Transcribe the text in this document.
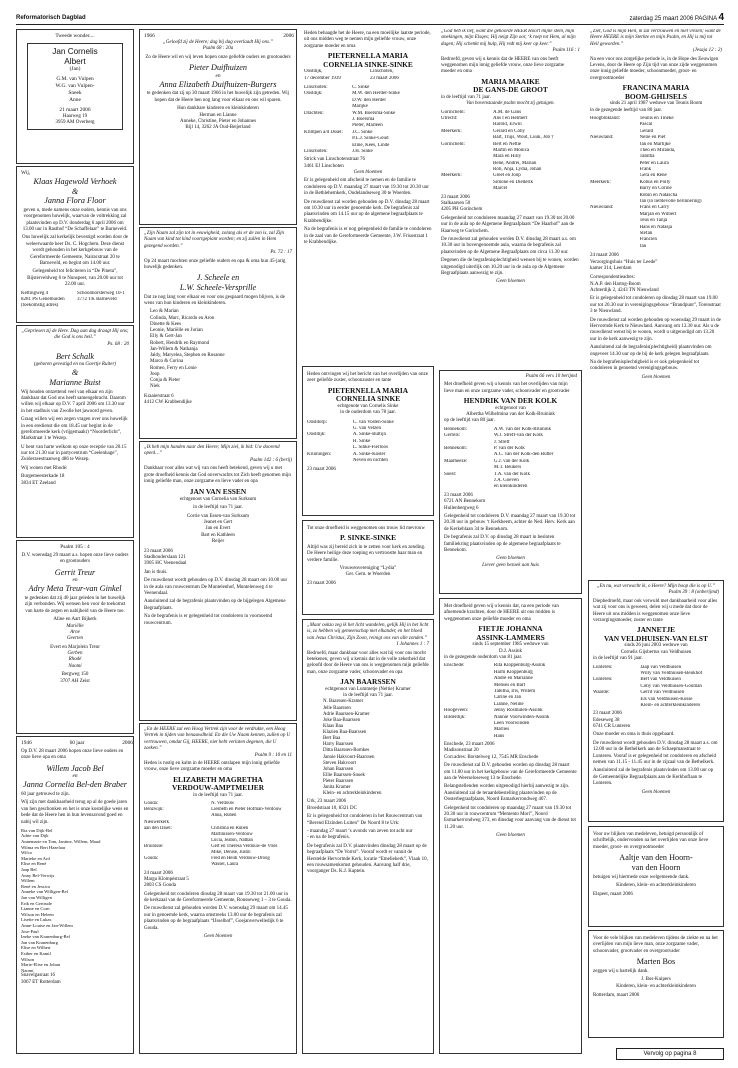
Reformatorisch Dagblad	zaterdag 25 maart 2006 PAGINA 4
Tweede wonder....
Jan Cornelis
Albert
(Jan)
G.M. van Vulpen
W.G. van Vulpen-
Sneek
Anne
21 maart 2006
Haarweg 19
3959 AM Overberg
Wij,
Klaas Hagewold Verhoek
&
Janna Flora Floor

geven u, mede namens onze ouders, kennis van ons voorgenomen huwelijk, waarvan de voltrekking zal plaatsvinden op D.V. donderdag 6 april 2006 om 13.00 uur in Rasthof “De Schaffelaar” te Barneveld.

Ons huwelijk zal kerkelijk bevestigd worden door de weleerwaarde heer Ds. C. Hogchem. Deze dienst wordt gehouden in het kerkgebouw van de Gereformeerde Gemeente, Nairacstraat 20 te Barneveld, en begint om 14.00 uur.

Gelegenheid tot feliciteren in “De Pinetа”, Bijsterveldweg 6 te Nunspeet, van 20.00 uur tot 22.00 uur.

Kettingweg 4	Schoonhorsterweg 10-1
8281 PS Genemuiden	3772 TK Barneveld
(toekomstig adres)
„Gepriesen zij de Here. Dag aan dag draagt Hij ons; die God is ons heil.”
Ps. 68 : 20
Bert Schalk
(geboren gevestigd en nu Goertje Ruiter)
&
Marianne Buist

Wij houden ontzettend veel van elkaar en zijn dankbaar dat God ons heeft samengebracht. Daarom willen wij elkaar op D.V. 7 april 2006 om 13.30 uur in het stadhuis van Zwolle het jawoord geven.

Graag willen wij een zegen vragen over ons huwelijk in een eredienst die om 18.45 uur begint in de gereformeerde kerk (vrijgemaakt) “Noorderlicht”, Markstraat 1 te Wezep.

U bent van harte welkom op onze receptie van 20.15 uur tot 21.30 uur in partycentrum “Ceelenhage”, Zuiderzeestraatweg 486 te Wezep.

Wij wonen met Rhodé:

Burgemeesterkade 18
3834 ET Zeeland
Psalm 105 : 4

D.V. woensdag 29 maart a.s. hopen onze lieve ouders en grootouders

Gerrit Treur
en
Adry Meta Treur-van Ginkel

te gedenken dat zij 40 jaar geleden in het huwelijk zijn verbonden. Wij wensen hen voor de toekomst van harte de zegen en nabijheid van de Heere toe.

Aline en Aart Bijkerk
Mariëlle
Arne
Geerten
Evert en Marjolein Treur
Gerben
Rhodé
Naomi
Bergweg 150
3707 AH Zeist
1946	60 jaar	2006

Op D.V. 28 maart 2006 hopen onze lieve ouders en onze lieve opa en oma

Willem Jacob Bel
en
Janna Cornelia Bel-den Braber

60 jaar getrouwd te zijn.

Wij zijn met dankbaarheid terug op al de goede jaren van hen geschonken en het is onze kostelijke wens en bede dat de Heere hen in hun levensavond goed en nabij wil zijn.

Ria van Dijk-Bel
Adrie van Dijk
Annemarie en Tom, Jantine, Willem, Maud
Wilma en Bert Hazelaar
Wilco
Marieke en Ard
Elise en René
Jaap Bel
Anny Bel-Verwijs
Willem
René en Jessica
Anneke van Willigen-Bel
Jan van Willigen
Erik en Gertrude
Lianne en Corn
Wilson en Heleen
Lisette en Lukas
Anne-Louise en Jan-Willem
Jose-Paul
Ineke van Kranenburg-Bel
Jan van Kranenburg
Elise en Wilbert
Esther en Kamil
Wilson
Marie-Elise en Johan
Naomi
Snavelgasraat 16
3067 ET Rotterdam
1966	2006
„Geloofd zij de Heere; dag bij dag overlaadt Hij ons.”
Psalm 68 : 20a

Zo de Heere wil en wij leven hopen onze geliefde ouders en grootouders

Pieter Duifhuizen
en
Anna Elizabeth Duifhuizen-Burgers

te gedenken dat zij op 30 maart 1966 in het huwelijk zijn getreden. Wij hopen dat de Heere hen nog lang voor elkaar en ons wil sparen.

Hun dankbare kinderen en kleinkinderen
Herman en Lianne
Anneke, Christine, Pieter en Johannes
Bijl 14, 3262 JA Oud-Beijerland
„Zijn Naam zal zijn tot in eeuwigheid, zolang als er de zon is, zal Zijn Naam van kind tot kind voortgeplant worden; en zij zullen in Hem gezegend worden.”
Ps. 72 : 17

Op 24 maart mochten onze geliefde ouders en opa & oma hun 45-jarig huwelijk gedenken.

J. Scheele en
L.W. Scheele-Versprille

Dat ze nog lang voor elkaar en voor ons gespaard mogen blijven, is de wens van hun kinderen en kleinkinderen.

Leo & Marian
Colinda, Marc, Ricardo en Aron
Dinette & Kees
Leonie, Mariëlle en Jurian
Elly & Gert-Jan
Robert, Hendrik en Raymond
Jan-Willem & Natkanja
Jaldy, Maryelea, Stephen en Rosanne
Marco & Corina
Romeo, Ferry en Lonie
Joop
Conja & Pieter
Niek
Kraaierstraat 6
4412 CW Krabbendijke
„Ik heb mijn handen naar den Heere; Mijn ziel, ik bid: Uw doorend openl…”
Psalm 142 : 6 (berij)

Dankbaar voor alles wat wij van ons heeft betekend, geven wij u met grote droefheid kennis dat God onverwachts tot Zich heeft genomen mijn innig geliefde man, onze zorgzame en lieve vader en opa

JAN VAN ESSEN
echtgenoot van Cornelia van Surksum
in de leeftijd van 71 jaar.
Corrie van Essen-van Surksum
Jeanet en Gert
Jan en Evert
Bart en Kathleen
Reijer
23 maart 2006
Stadhouderslaan 121
3905 HC Veenendaal

Jan is thuis.

De rouwdienst wordt gehouden op D.V. dinsdag 28 maart om 10.00 uur in de aula van rouwcentrum De Muntelenhof, Muntelenweg 4 te Veenendaal.

Aansluitend zal de begrafenis plaatsvinden op de bijgelegen Algemene Begraafplaats.

Na de begrafenis is er gelegenheid tot condoleren in voornoemd rouwcentrum.

„En de HEERE zal een Hoog Vertrek zijn voor de verdrukte, een Hoog Vertrek in tijden van benauwdheid. En die Uw Naam kennen, zullen op U vertrouwen, omdat Gij, HEERE, niet hebt verlaten degenen, die U zoeken.”
Psalm 9 : 10 en 11

Heden is rustig en kalm in de HEERE ontslapen mijn innig geliefde vrouw, onze lieve zorgzame moeder en oma

ELIZABETH MAGRETHA
VERDOUW-AMPTMEIJER
in de leeftijd van 71 jaar.
Gouda:	N. Verdouw
Benzwijk:	Liesbeth en Pieter Hofman-Verdouw
Anna, Ruben
Nieuwerkerk
aan den IJssel:	Christina en Ruben
Martinissen-Verdouw
Lucia, Jeaton, Nathan
Bruinisse:	Gert en Theresa Verdouw-de Vries
Mike, Denise, Justin
Gouda:	Fred en Heidi Verdouw-Droog
Wassel, Laura
24 maart 2006
Marga Klompéstraat 5
2803 CS Gouda

Gelegenheid tot condoleren dinsdag 28 maart van 19.30 tot 21.00 uur in de kerkzaal van de Gereformeerde Gemeente, Ronsseweg 1 – 3 te Gouda.

De rouwdienst zal gehouden worden D.V. woensdag 29 maart om 14.45 uur in genoemde kerk, waarna omstreeks 13.00 uur de begrafenis zal plaatsvinden op de begraafplaats “IJsselhof”, Goejanverwelledijk 6 te Gouda.

Geen bloemen

Heden behaagde het de Heere, na een moeilijke laatste periode, uit ons midden weg te nemen mijn geliefde vrouw, onze zorgzame moeder en oma

PIETERNELLA MARIA
CORNELIA SINKE-SINKE
Oostdijk,	Linschoten,
17 december 1939	23 maart 2006
Linschoten:	C. Sinke
Oostdijk:	M.W. den Herder-Sinke
D.W. den Herder
Marijke
Drachten:	W.M. Boersma-Sinke
J. Boersma
Pieter, Marleen
Krimpen a/d IJssel:	J.C. Sinke
P.L.J. Sinke-Goud
Eline, Kees, Linde
Linschoten:	J.H. Sinke
Strick van Linschotenstraat 76
3461 EJ Linschoten
Geen bloemen

Er is gelegenheid om afscheid te nemen en de familie te condoleren op D.V. maandag 27 maart van 19.30 tot 20.30 uur in de Bethlehemkerk, Oudelandseweg 30 te Woerden.

De rouwdienst zal worden gehouden op D.V. dinsdag 28 maart om 10.30 uur in eerder genoemde kerk. De begrafenis zal plaatsvinden om 14.15 uur op de algemene begraafplaats te Krabbendijke.

Na de begrafenis is er nog gelegenheid de familie te condoleren in de zaal van de Gereformeerde Gemeente, J.W. Frisostraat 1 te Krabbendijke.

Heden ontvingen wij het bericht van het overlijden van onze zeer geliefde zuster, schoonzuster en tante

PIETERNELLA MARIA
CORNELIA SINKE
echtgenote van Cornelis Sinke
in de ouderdom van 78 jaar.
Oostdorp:	C. van Vosten-Sinke
G. van Velzen
Oostdijk:	A. Sinke-Bultijn
H. Sinke
L. Sinke-Fierloos
Kruiningen:	A. Sinke-Koster
Neven en nichten
23 maart 2006

Tot onze droefheid is weggenomen ons trouw lid mevrouw

P. SINKE-SINKE

Altijd was zij bereid zich in te zetten voor kerk en zending. De Heere heilige deze roeping en vertroostte haar man en verdere familie.

Vrouwenvereniging “Lydia”
Ger. Gem. te Woerden
23 maart 2006
„Maar ookzo zeg ik het licht wandelen, gelijk Hij in het licht is, zo hebben wij gemeenschap met elkander, en het bloed van Jezus Christus, Zijn Zoon, reinigt ons van alle zonden.”
I Johannes 1 : 7

Bedroefd, maar dankbaar voor alles wat hij voor ons mocht betekenen, geven wij u kennis dat in de volle zekerheid dat geloofd door de Heere van ons is weggenomen mijn geliefde man, onze zorgzame vader, schoonvader en opa

JAN BAARSSEN
echtgenoot van Lummetje (Neltie) Kramer
in de leeftijd van 71 jaar.
N. Baarssen-Kramer
Jelle Baarssen
Adrie Baarssen-Kramer
Joke Baa-Baarssen
Klaas Baa
Klazien Baa-Baarssen
Bert Baa
Harry Baarssen
Ditta Baarssen-Romkes
Jannie Hakvoort-Baarssen
Steven Hakvoort
Johan Baarssen
Ellie Baarssen-Snoek
Pieter Baarssen
Janita Kramer
Klein- en achterkleinkinderen
Urk, 23 maart 2006
Broedstraat 10, 8321 DC

Er is gelegenheid tot condoleren in het Rouwcentrum van “Berend Elzinden Luiten” De Noord 8 te Urk:

- maandag 27 maart ‘s avonds van zeven tot acht uur
- en na de begrafenis.

De begrafenis zal D.V. plaatsvinden dinsdag 28 maart op de begraafplaats “De Vorrst”. Vooraf wordt er vanuit de Herstelde Hervormde Kerk, locatie “Emeliekerk”, Vlaak 10, een rouwsamenkomst gehouden. Aanvang half drie, voorganger Ds. K.J. Kaptein.

„God heb ik lief, want die gehoorde HEER Hoort mijne stem, mijn smekingen, mijn Elsqes; Hij neigt Zijn oor, ‘k roep tot Hem, al mijn dagen; Hij schenkt mij hulp, Hij redt mij keer op keer.”
Psalm 116 : 1

Bedroefd, geven wij u kennis dat de HEERE van ons heeft weggenomen mijn innig geliefde vrouw, onze lieve zorgzame moeder en oma

MARIA MAAIKE
DE GANS-DE GROOT
in de leeftijd van 71 jaar.
Van bovenstaande psalm mocht zij getuigen.
Gorinchem:	A.M. de Gans
Utrecht:	Ans t en Helmert
Harold, Erwin
Meerkerk:	Gerard en Coby
Bart, Thijs, Wout, Luuk, Job †
Gorinchem:	Bert en Nettie
Martin en Monica
Mara en Hilly
René, Andrei, Marian
Rob, Anja, Lydia, Johan
Meerkerk:	Greet en Joop
Simone en Diederik
Marcel
23 maart 2006
Stalkaarsen 50
4205 PH Gorinchem

Gelegenheid tot condoleren maandag 27 maart van 19.30 tot 20.00 uur in de aula op de Algemene Begraafplaats “De Haarhof” aan de Haarweg te Gorinchem.

De rouwdienst zal gehouden worden D.V. dinsdag 28 maart a.s. om 10.30 uur in bovengenoemde aula, waarna de begrafenis zal plaatsvinden op de Algemene Begraafplaats om circa 11.30 uur.

Degenen die de begrafenisplechtigheid wensen bij te wonen, worden uitgenodigd uiterlijk om 10.20 uur in de aula op de Algemene Begraafplaats aanwezig te zijn.

Geen bloemen
Psalm 66 vers 10 berijmd

Met droefheid geven wij u kennis van het overlijden van mijn lieve man en onze zorgzame vader, schoonvader en grootvader

HENDRIK VAN DER KOLK
echtgenoot van
Albertha Wilhelmina van der Kolk-Bruinink
op de leeftijd van 80 jaar.
Bennekom:	A.W. van der Kolk-Bruinink
Gerrels:	W.J. Streff-van der Kolk
J. Streff
Bennekom:	P. van der Kolk
A.C. van der Kolk-den Butter
Maarheeze:	G.J. van der Kolk
M.T. Beukers
Soest:	T.A. van der Kolk
J.A. Goeven
en kleinkinderen
23 maart 2006
6721 AN Bennekom
Hullenbergweg 6

Gelegenheid tot condoleren D.V. maandag 27 maart van 19.30 tot 20.30 uur in gebouw ‘t Kerkheem, achter de Ned. Herv. Kerk aan de Kerkehlaan 34 te Bennekom.

De begrafenis zal D.V. op dinsdag 28 maart in besloten familiekring plaatsvinden op de algemene begraafplaats te Bennekom.

Geen bloemen
Liever geen bezoek aan huis

Met droefheid geven wij u kennis dat, na een periode van afnemende krachten, door de HEERE uit ons midden is weggenomen onze geliefde moeder en oma

FIETJE JOHANNA
ASSINK-LAMMERS
sinds 15 september 1985 weduwe van
D.J. Assink
in de gezegende ouderdom van 81 jaar.
Enschede:	Rita Kloppenburg-Assink
Harm Kloppenburg
André en Marianne
Mensés en Bart
Tabitha, Iris, Willem
Carine en Jan
Lianne, Neline
Hoogeveen:	Jenny Rosmulen-Assink
Bilderdijk:	Nannie Voorwinden-Assink
Leen Voorwinden
Marlies
Hans
Enschede, 23 maart 2006
Madisonstraat 20
Corr.adres: Borstelweg 12, 7545 MR Enschede

De rouwdienst zal D.V. gehouden worden op dinsdag 28 maart om 11.00 uur in het kerkgebouw van de Gereformeerde Gemeente aan de Weerseloseweg 13 te Enschede.

Belangstellenden worden uitgenodigd hierbij aanwezig te zijn. Aansluitend zal de teraardebestelling plaatsvinden op de Oosterbegraafplaats, Noord Esmarkerrondweg 467.

Gelegenheid tot condoleren op maandag 27 maart van 19.30 tot 20.30 uur in rouwcentrum “Memento Mori”, Noord Esmarkerrondweg 373, en dinsdag voor aanvang van de dienst tot 11.20 uur.

Geen bloemen
„Ziet, God is mijn Heil, ik zal vertrouwen en niet vrezen; want de Heere HEERE is mijn Sterkte en mijn Psalm, en Hij is mij tot Heil geworden.”
(Jesaja 12 : 2)

Na een voor ons zorgelijke periode is, in de Hope des Eeuwigen Levens, door de Heere op Zijn tijd van onze zijde weggenomen onze innig geliefde moeder, schoonmoeder, groot- en overgrootmoeder

FRANCINA MARIA
BOOM-GHIJSELS
sinds 21 april 1987 weduwe van Teunis Boom
in de gezegende leeftijd van 80 jaar.
Hoogblokland:	Teunis en Tineke
Pascal
Gerald
Nieuwland:	Nelie en Piet
Jan en Martijke
Theo en Miranda,
Tabitha
Peter en Laura
Frank
Gera en René
Meerkerk:	Kobus en Polly
Barry en Corine
Robin en Natascha
Jan (in liefdevolle herinnering)
Nieuwland:	Frans en Carry
Marjan en Wilbert
Teus en Tanja
Hans en Natasja
Stefan
Francien
Jan
24 maart 2006
Verzorgingshuis “Huis ter Leede”
kamer 314, Leerdam
Correspondentieadres:
N.A.P. den Hartog-Boom
Achterdijk 2, 4243 TN Nieuwland

Er is gelegenheid tot condoleren op dinsdag 28 maart van 19.00 uur tot 20.30 uur in verenigingsgebouw “Brandpunt”, Torenstraat 3 te Nieuwland.

De rouwdienst zal worden gehouden op woensdag 29 maart in de Hervormde Kerk te Nieuwland. Aanvang om 13.30 uur. Als u de rouwdienst wenst bij te wonen, wordt u uitgenodigd om 13.20 uur in de kerk aanwezig te zijn.

Aansluitend zal de begrafenis(plechtigheid) plaatsvinden om ongeveer 14.30 uur op de bij de kerk gelegen begraafplaats.

Na de begrafenisplechtigheid is er ook gelegenheid tot condoleren in genoemd verenigingsgebouw.

Geen bloemen
„En nu, wat verwacht ik, o Heere? Mijn hoop die is op U.”
Psalm 39 : 8 (onberijmd)

Diepbedroefd, maar ook verwuld met dankbaarheid voor alles wat zij voor ons is geweest, delen wij u mede dat door de Heere uit ons midden is weggenomen onze lieve verzorgingsmoeder, zuster en tante

JANNETJE
VAN VELDHUISEN-VAN ELST
sinds 26 juni 2003 weduwe van
Cornelis Gijsbertus van Veldhuisen
in de leeftijd van 91 jaar.
Lunteren:	Jaap van Veldhuisen
Willy van Veldhuisen-Beukhof
Lunteren:	Bert van Veldhuisen
Coby van Veldhuisen-Gouman
Waarde:	Gerrit van Veldhuisen
Els van Veldhuisen-Kosse
Klein- en achterkleinkinderen
23 maart 2006
Edeseweg 38
6741 CR Lunteren

Onze moeder en oma is thuis opgebaard.

De rouwdienst wordt gehouden D.V. dinsdag 28 maart a.s. om 12.00 uur in de Bethelkerk aan de Schaepmanstraat te Lunteren. Vooraf is er gelegenheid tot condoleren en afscheid nemen van 11.15 - 11.45 uur in de zijzaal van de Bethelkerk.

Aansluitend zal de begrafenis plaatsvinden om 13.00 uur op de Gemeentelijke Begraafplaats aan de Kerkhoflaan te Lunteren.

Geen bloemen

Voor uw blijken van medeleven, betuigd persoonlijk of schriftelijk, ondervonden na het overlijden van onze lieve moeder, groot- en overgrootmoeder

Aaltje van den Hoorn-
van den Hoorn

betuigen wij hiermede onze welgemeende dank.

Kinderen, klein- en achterkleinkinderen
Elspeet, maart 2006

Voor de vele blijken van medeleven tijdens de ziekte en na het overlijden van mijn lieve man, onze zorgzame vader, schoonvader, grootvader en overgrootvader

Marten Bos

zeggen wij u hartelijk dank.

J. Bos-Kuipers
Kinderen, klein- en achterkleinkinderen
Rotterdam, maart 2006
Vervolg op pagina 8
